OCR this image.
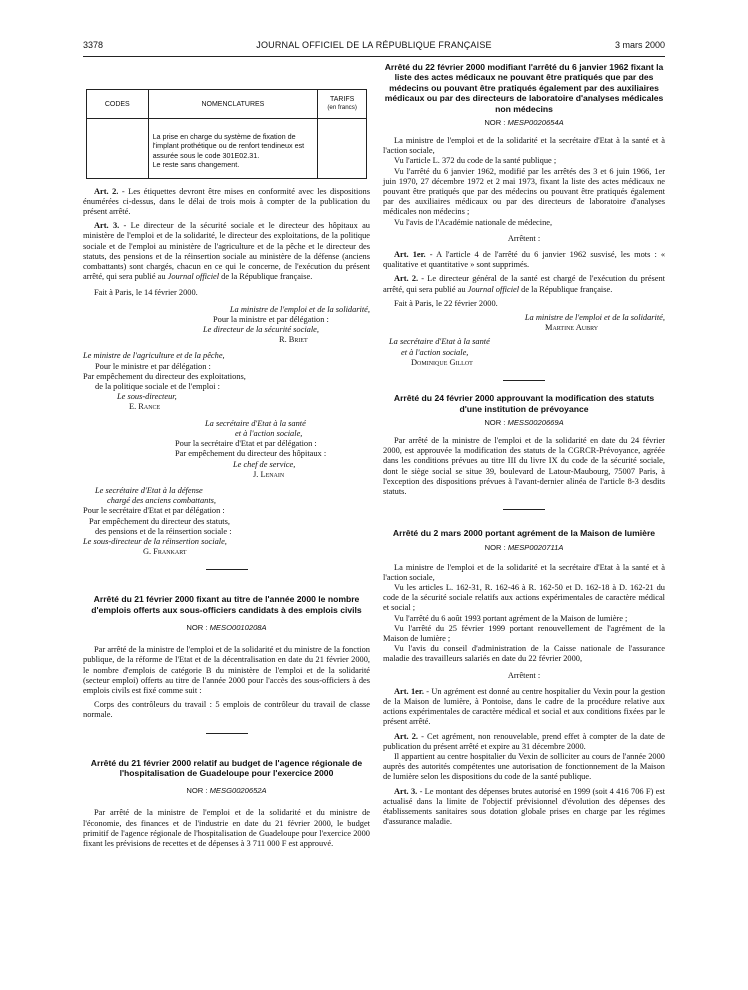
3378	JOURNAL OFFICIEL DE LA RÉPUBLIQUE FRANÇAISE	3 mars 2000
CODES	NOMENCLATURES	TARIFS
(en francs)

	La prise en charge du système de fixation de l'implant prothétique ou de renfort tendineux est assurée sous le code 301E02.31.
Le reste sans changement.	

Art. 2. - Les étiquettes devront être mises en conformité avec les dispositions énumérées ci-dessus, dans le délai de trois mois à compter de la publication du présent arrêté.

Art. 3. - Le directeur de la sécurité sociale et le directeur des hôpitaux au ministère de l'emploi et de la solidarité, le directeur des exploitations, de la politique sociale et de l'emploi au ministère de l'agriculture et de la pêche et le directeur des statuts, des pensions et de la réinsertion sociale au ministère de la défense (anciens combattants) sont chargés, chacun en ce qui le concerne, de l'exécution du présent arrêté, qui sera publié au Journal officiel de la République française.

Fait à Paris, le 14 février 2000.

La ministre de l'emploi et de la solidarité,
Pour la ministre et par délégation :
Le directeur de la sécurité sociale,
R. Briet
Le ministre de l'agriculture et de la pêche,
Pour le ministre et par délégation :
Par empêchement du directeur des exploitations,
de la politique sociale et de l'emploi :
Le sous-directeur,
E. Rance
La secrétaire d'Etat à la santé
et à l'action sociale,
Pour la secrétaire d'Etat et par délégation :
Par empêchement du directeur des hôpitaux :
Le chef de service,
J. Lenain
Le secrétaire d'Etat à la défense
chargé des anciens combattants,
Pour le secrétaire d'Etat et par délégation :
Par empêchement du directeur des statuts,
des pensions et de la réinsertion sociale :
Le sous-directeur de la réinsertion sociale,
G. Frankart
Arrêté du 21 février 2000 fixant au titre de l'année 2000 le nombre d'emplois offerts aux sous-officiers candidats à des emplois civils
NOR : MESO0010208A

Par arrêté de la ministre de l'emploi et de la solidarité et du ministre de la fonction publique, de la réforme de l'Etat et de la décentralisation en date du 21 février 2000, le nombre d'emplois de catégorie B du ministère de l'emploi et de la solidarité (secteur emploi) offerts au titre de l'année 2000 pour l'accès des sous-officiers à des emplois civils est fixé comme suit :

Corps des contrôleurs du travail : 5 emplois de contrôleur du travail de classe normale.

Arrêté du 21 février 2000 relatif au budget de l'agence régionale de l'hospitalisation de Guadeloupe pour l'exercice 2000
NOR : MESG0020652A

Par arrêté de la ministre de l'emploi et de la solidarité et du ministre de l'économie, des finances et de l'industrie en date du 21 février 2000, le budget primitif de l'agence régionale de l'hospitalisation de Guadeloupe pour l'exercice 2000 fixant les prévisions de recettes et de dépenses à 3 711 000 F est approuvé.

Arrêté du 22 février 2000 modifiant l'arrêté du 6 janvier 1962 fixant la liste des actes médicaux ne pouvant être pratiqués que par des médecins ou pouvant être pratiqués également par des auxiliaires médicaux ou par des directeurs de laboratoire d'analyses médicales non médecins
NOR : MESP0020654A

La ministre de l'emploi et de la solidarité et la secrétaire d'Etat à la santé et à l'action sociale,

Vu l'article L. 372 du code de la santé publique ;

Vu l'arrêté du 6 janvier 1962, modifié par les arrêtés des 3 et 6 juin 1966, 1er juin 1970, 27 décembre 1972 et 2 mai 1973, fixant la liste des actes médicaux ne pouvant être pratiqués que par des médecins ou pouvant être pratiqués également par des auxiliaires médicaux ou par des directeurs de laboratoire d'analyses médicales non médecins ;

Vu l'avis de l'Académie nationale de médecine,

Arrêtent :

Art. 1er. - A l'article 4 de l'arrêté du 6 janvier 1962 susvisé, les mots : « qualitative et quantitative » sont supprimés.

Art. 2. - Le directeur général de la santé est chargé de l'exécution du présent arrêté, qui sera publié au Journal officiel de la République française.

Fait à Paris, le 22 février 2000.

La ministre de l'emploi et de la solidarité,
Martine Aubry
La secrétaire d'Etat à la santé
et à l'action sociale,
Dominique Gillot
Arrêté du 24 février 2000 approuvant la modification des statuts d'une institution de prévoyance
NOR : MESS0020669A

Par arrêté de la ministre de l'emploi et de la solidarité en date du 24 février 2000, est approuvée la modification des statuts de la CGRCR-Prévoyance, agréée dans les conditions prévues au titre III du livre IX du code de la sécurité sociale, dont le siège social se situe 39, boulevard de Latour-Maubourg, 75007 Paris, à l'exception des dispositions prévues à l'avant-dernier alinéa de l'article 8-3 desdits statuts.

Arrêté du 2 mars 2000 portant agrément de la Maison de lumière
NOR : MESP0020711A

La ministre de l'emploi et de la solidarité et la secrétaire d'Etat à la santé et à l'action sociale,

Vu les articles L. 162-31, R. 162-46 à R. 162-50 et D. 162-18 à D. 162-21 du code de la sécurité sociale relatifs aux actions expérimentales de caractère médical et social ;

Vu l'arrêté du 6 août 1993 portant agrément de la Maison de lumière ;

Vu l'arrêté du 25 février 1999 portant renouvellement de l'agrément de la Maison de lumière ;

Vu l'avis du conseil d'administration de la Caisse nationale de l'assurance maladie des travailleurs salariés en date du 22 février 2000,

Arrêtent :

Art. 1er. - Un agrément est donné au centre hospitalier du Vexin pour la gestion de la Maison de lumière, à Pontoise, dans le cadre de la procédure relative aux actions expérimentales de caractère médical et social et aux conditions fixées par le présent arrêté.

Art. 2. - Cet agrément, non renouvelable, prend effet à compter de la date de publication du présent arrêté et expire au 31 décembre 2000.

Il appartient au centre hospitalier du Vexin de solliciter au cours de l'année 2000 auprès des autorités compétentes une autorisation de fonctionnement de la Maison de lumière selon les dispositions du code de la santé publique.

Art. 3. - Le montant des dépenses brutes autorisé en 1999 (soit 4 416 706 F) est actualisé dans la limite de l'objectif prévisionnel d'évolution des dépenses des établissements sanitaires sous dotation globale prises en charge par les régimes d'assurance maladie.
